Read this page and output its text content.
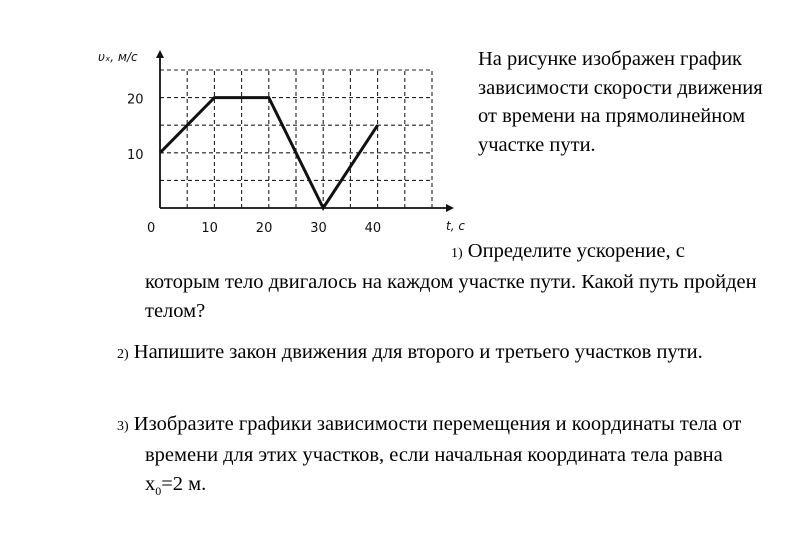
0	10	20	30	40
10
20
υₓ, м/с
t, с

На рисунке изображен график зависимости скорости движения от времени на прямолинейном участке пути.

1) Определите ускорение, с которым тело двигалось на каждом участке пути. Какой путь пройден телом?

2) Напишите закон движения для второго и третьего участков пути.

3) Изобразите графики зависимости перемещения и координаты тела от времени для этих участков, если начальная координата тела равна $x_0=2$ м.
